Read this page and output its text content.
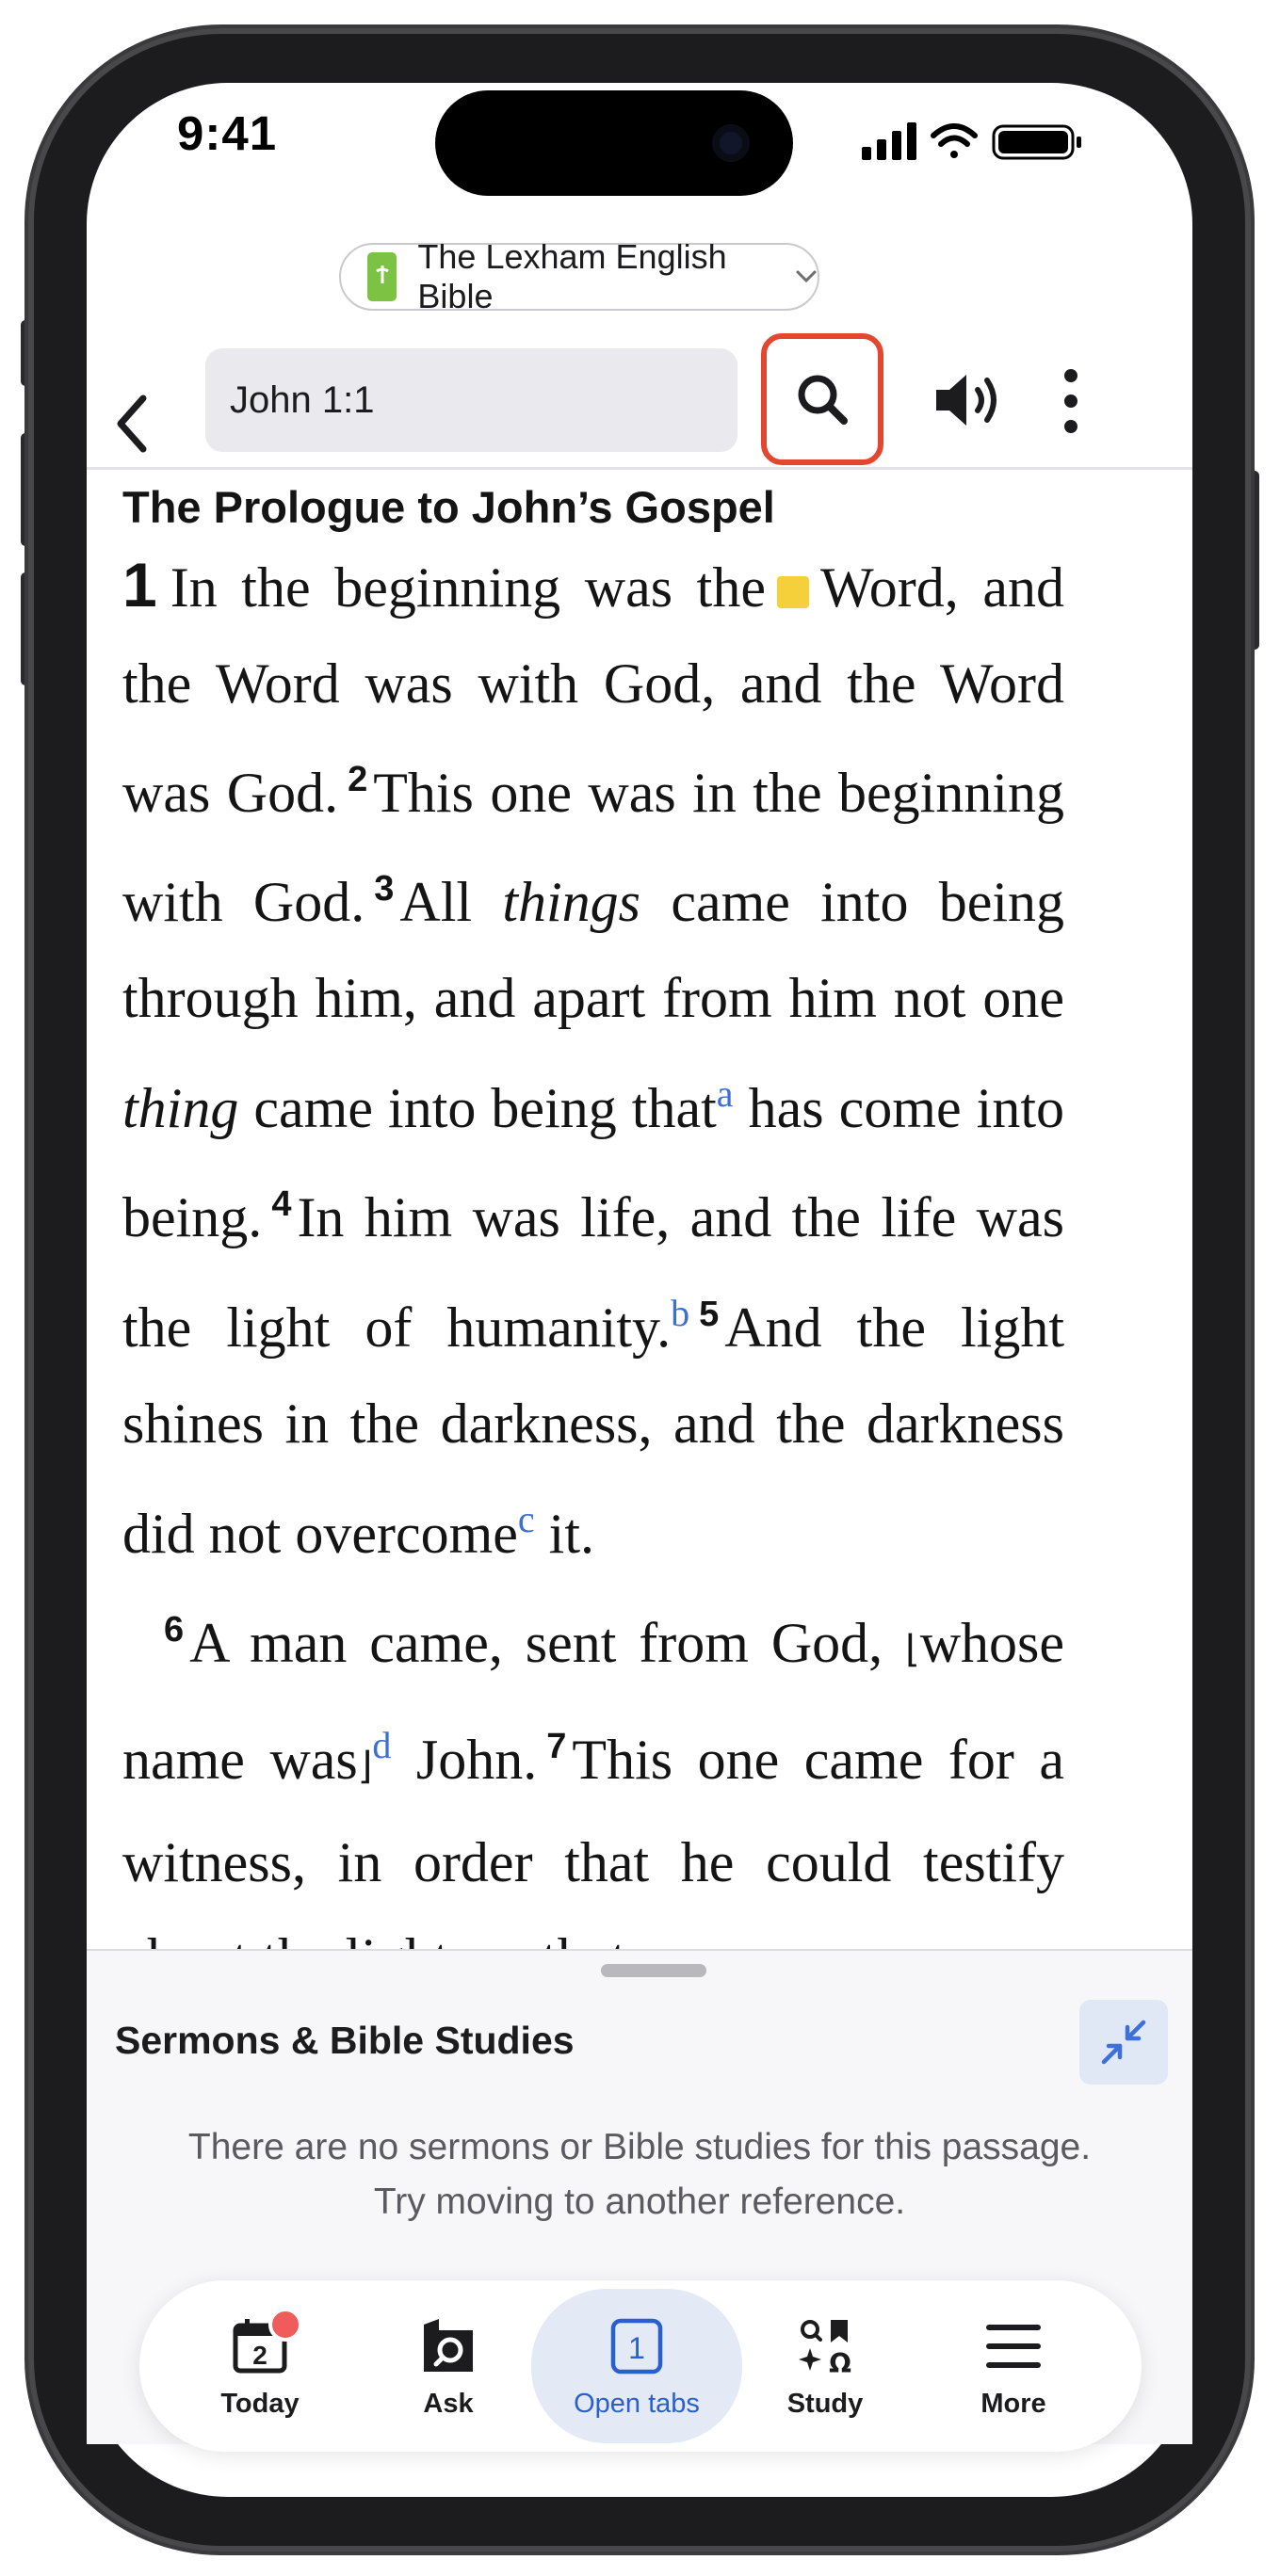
9:41
The Lexham English Bible
John 1:1
The Prologue to John’s Gospel

1 In the beginning was the Word, and the Word was with God, and the Word was God. $^2$ This one was in the beginning with God. $^3$ All things came into being through him, and apart from him not one thing came into being that$^a$ has come into being. $^4$ In him was life, and the life was the light of humanity.$^b$ $^5$ And the light shines in the darkness, and the darkness did not overcome$^c$ it.

$^6$ A man came, sent from God, ⌊whose name was⌋$^d$ John. $^7$ This one came for a witness, in order that he could testify

Sermons & Bible Studies
There are no sermons or Bible studies for this passage.
Try moving to another reference.
2
Today	Ask
1
Open tabs
Ω
Study	More
